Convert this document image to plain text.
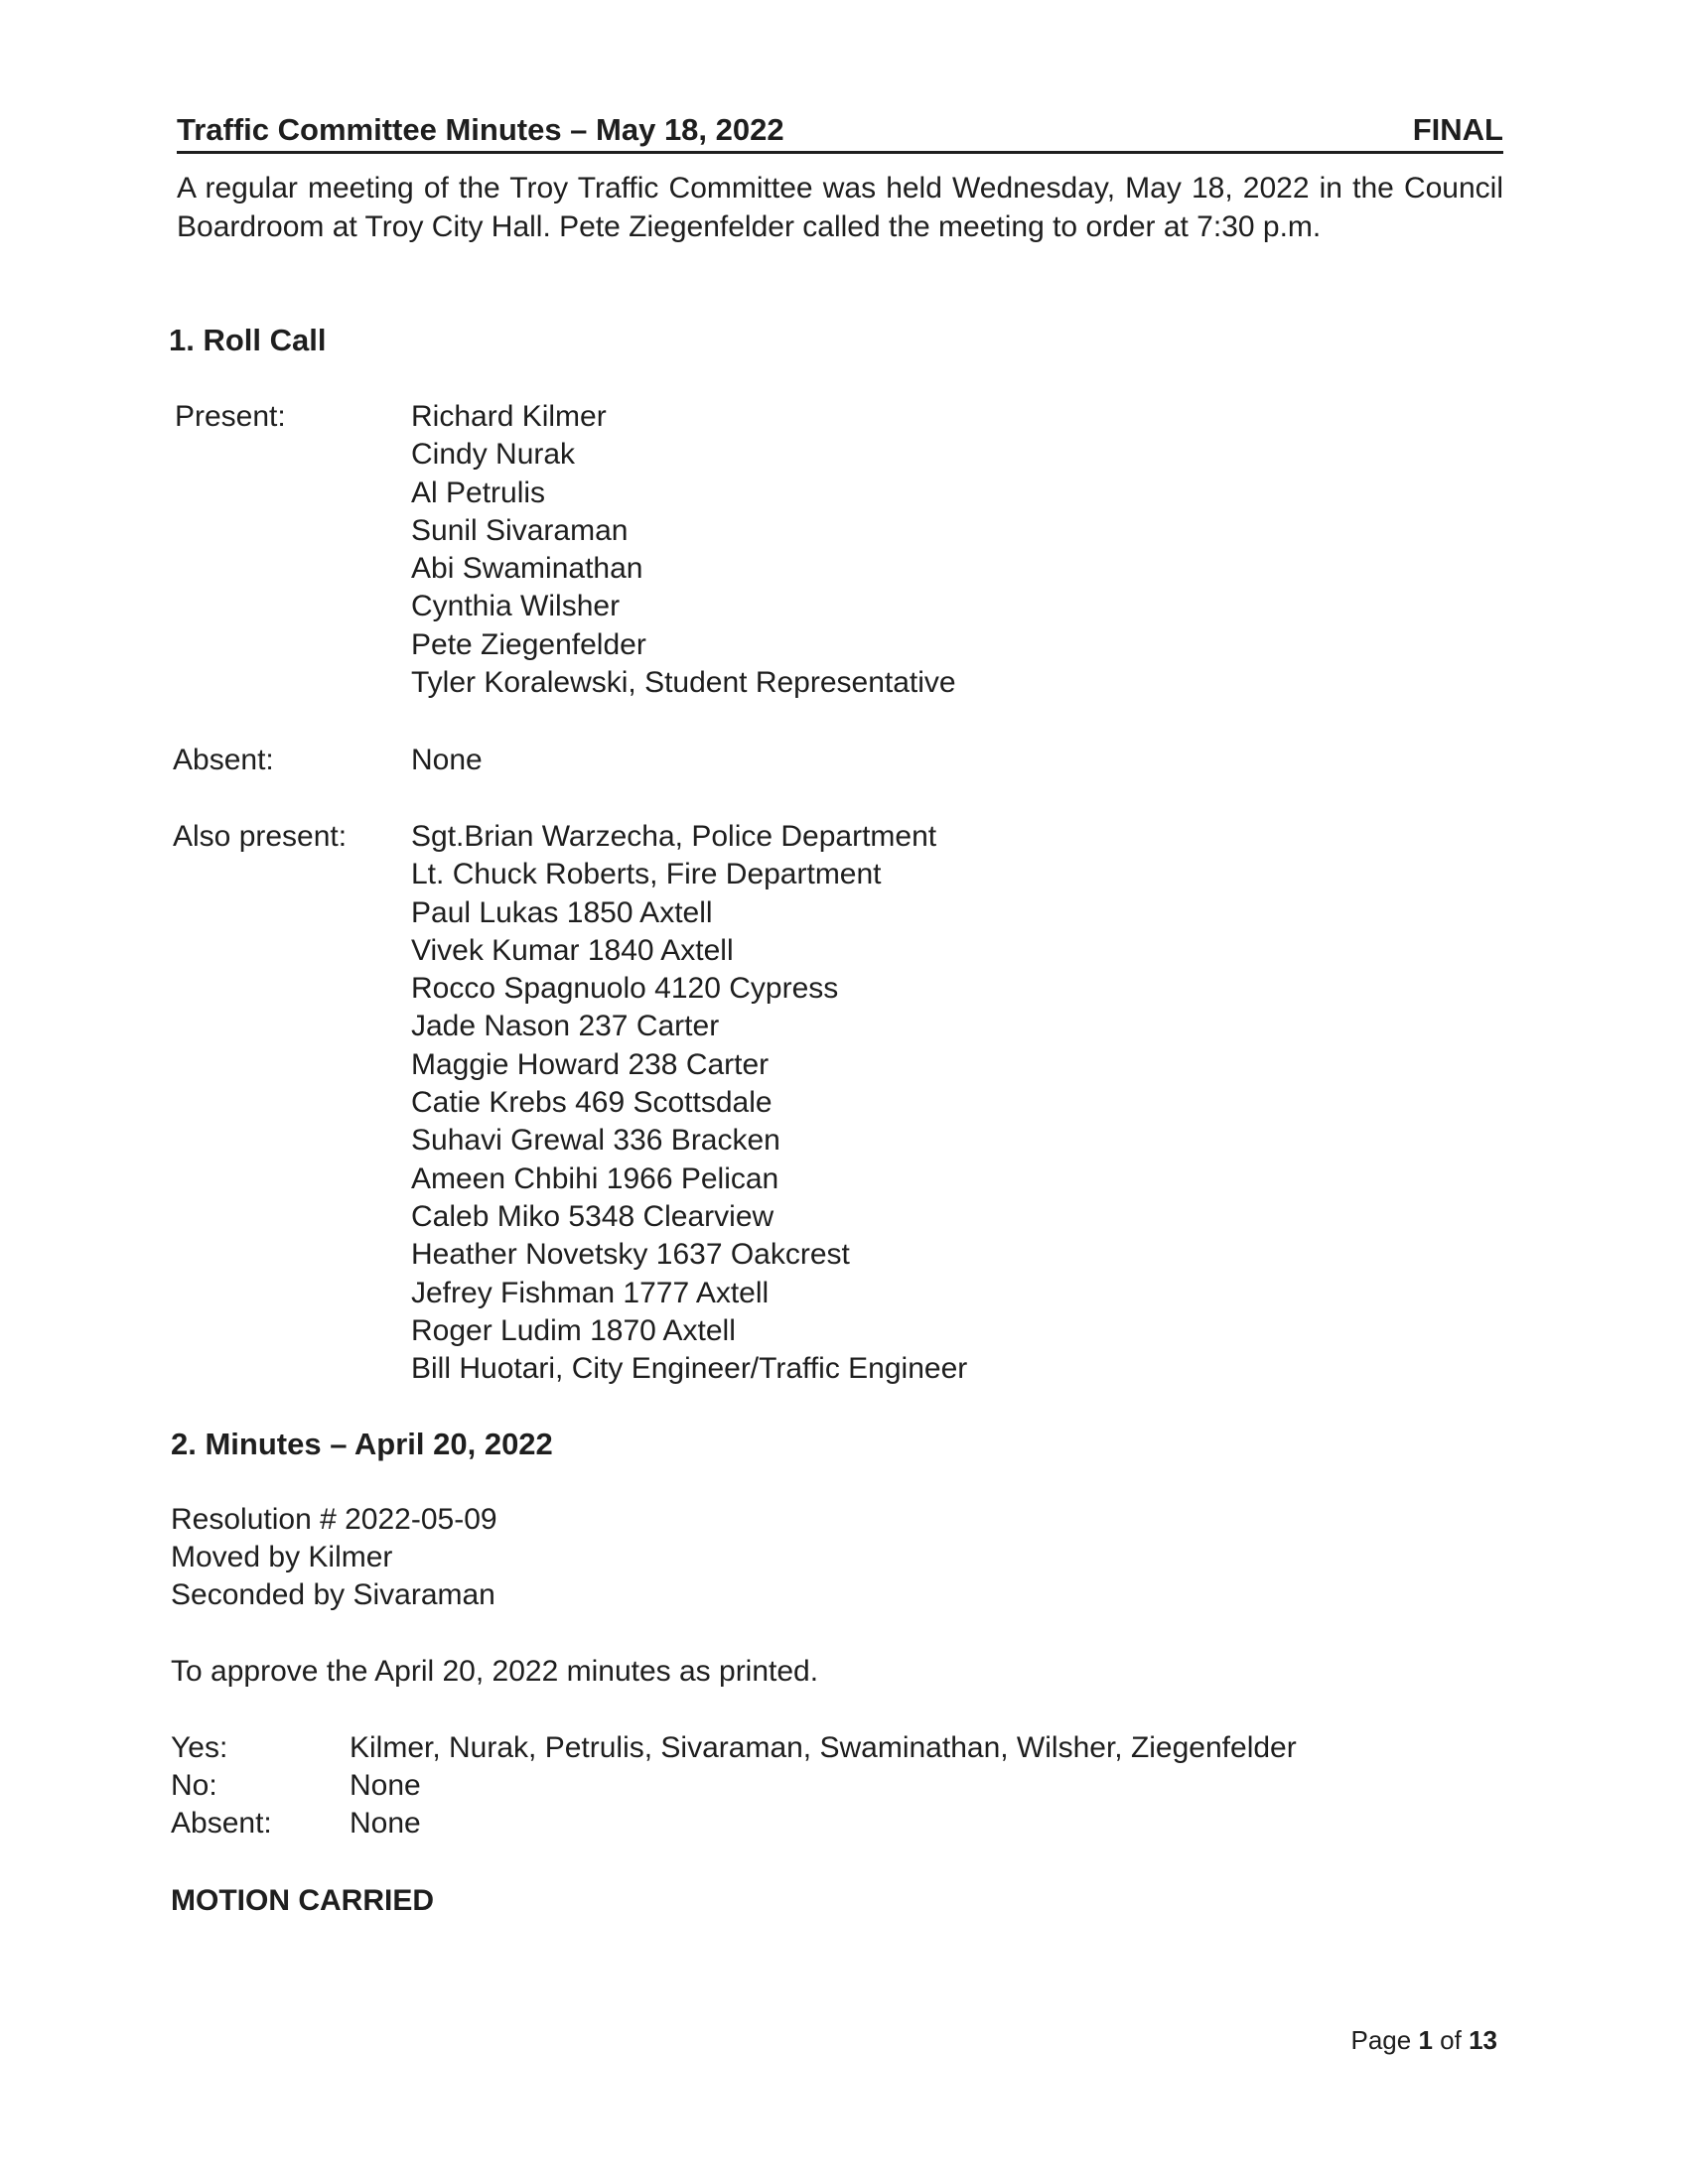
Traffic Committee Minutes – May 18, 2022	FINAL
A regular meeting of the Troy Traffic Committee was held Wednesday, May 18, 2022 in the Council Boardroom at Troy City Hall. Pete Ziegenfelder called the meeting to order at 7:30 p.m.
1. Roll Call
Present:	Richard Kilmer
Cindy Nurak
Al Petrulis
Sunil Sivaraman
Abi Swaminathan
Cynthia Wilsher
Pete Ziegenfelder
Tyler Koralewski, Student Representative
Absent:	None
Also present: Sgt.Brian Warzecha, Police Department
Lt. Chuck Roberts, Fire Department
Paul Lukas 1850 Axtell
Vivek Kumar 1840 Axtell
Rocco Spagnuolo 4120 Cypress
Jade Nason 237 Carter
Maggie Howard 238 Carter
Catie Krebs 469 Scottsdale
Suhavi Grewal 336 Bracken
Ameen Chbihi 1966 Pelican
Caleb Miko 5348 Clearview
Heather Novetsky 1637 Oakcrest
Jefrey Fishman 1777 Axtell
Roger Ludim 1870 Axtell
Bill Huotari, City Engineer/Traffic Engineer
2. Minutes – April 20, 2022
Resolution # 2022-05-09
Moved by Kilmer
Seconded by Sivaraman
To approve the April 20, 2022 minutes as printed.
Yes:	Kilmer, Nurak, Petrulis, Sivaraman, Swaminathan, Wilsher, Ziegenfelder
No:	None
Absent:	None
MOTION CARRIED
Page 1 of 13
